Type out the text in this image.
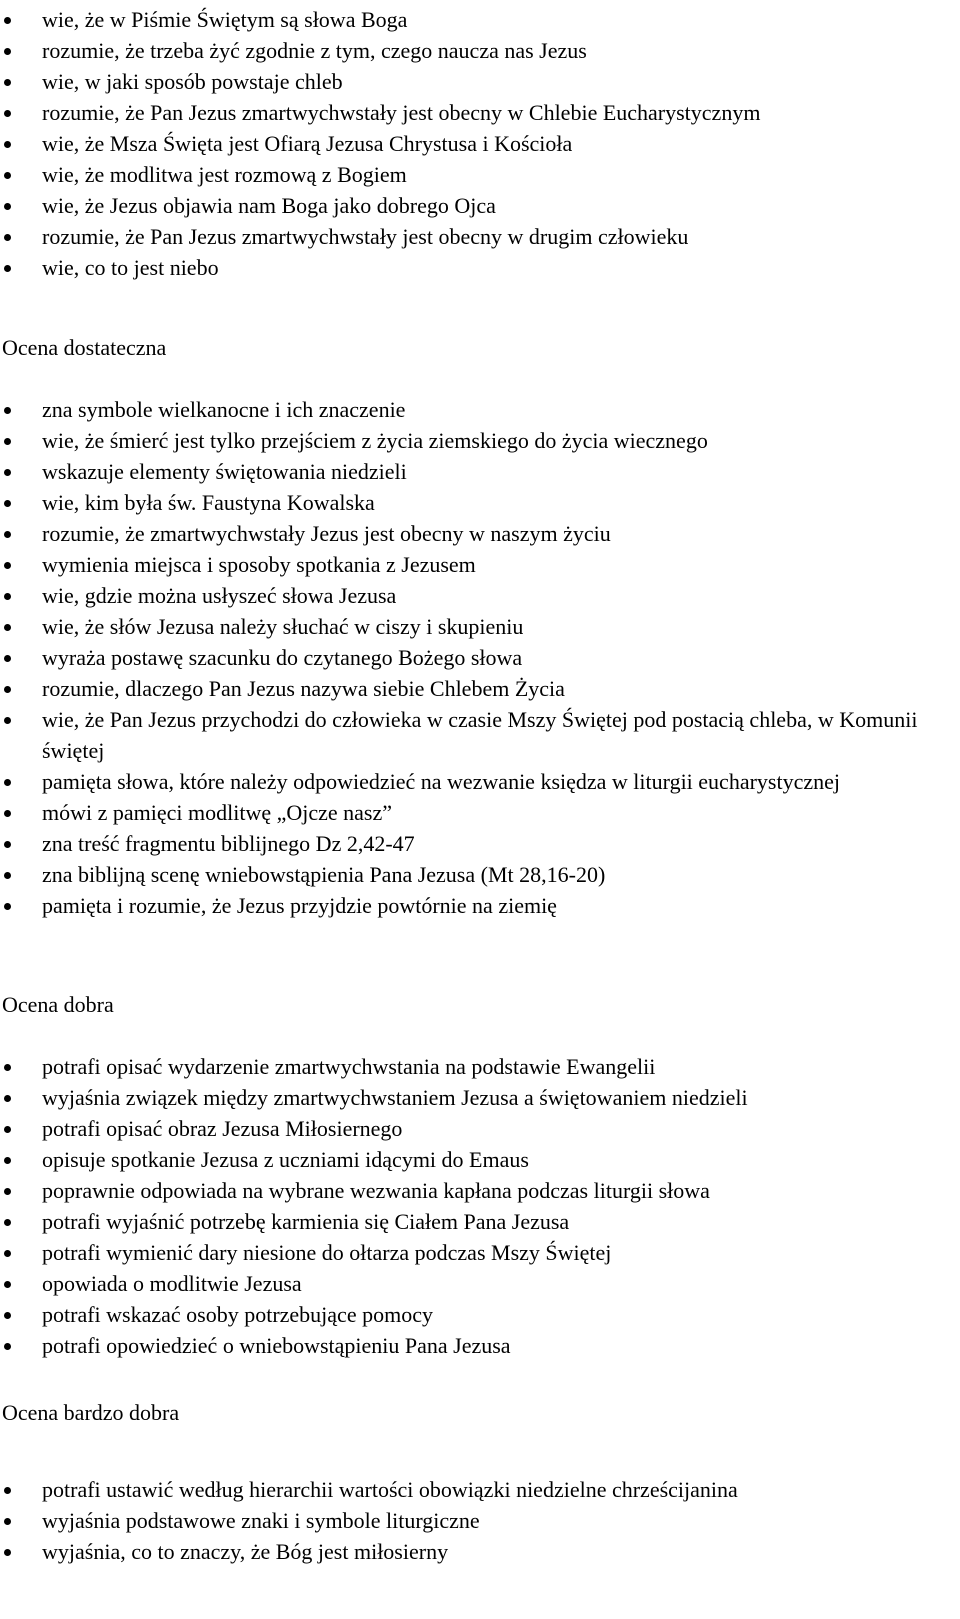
wie, że w Piśmie Świętym są słowa Boga
rozumie, że trzeba żyć zgodnie z tym, czego naucza nas Jezus
wie, w jaki sposób powstaje chleb
rozumie, że Pan Jezus zmartwychwstały jest obecny w Chlebie Eucharystycznym
wie, że Msza Święta jest Ofiarą Jezusa Chrystusa i Kościoła
wie, że modlitwa jest rozmową z Bogiem
wie, że Jezus objawia nam Boga jako dobrego Ojca
rozumie, że Pan Jezus zmartwychwstały jest obecny w drugim człowieku
wie, co to jest niebo
Ocena dostateczna
zna symbole wielkanocne i ich znaczenie
wie, że śmierć jest tylko przejściem z życia ziemskiego do życia wiecznego
wskazuje elementy świętowania niedzieli
wie, kim była św. Faustyna Kowalska
rozumie, że zmartwychwstały Jezus jest obecny w naszym życiu
wymienia miejsca i sposoby spotkania z Jezusem
wie, gdzie można usłyszeć słowa Jezusa
wie, że słów Jezusa należy słuchać w ciszy i skupieniu
wyraża postawę szacunku do czytanego Bożego słowa
rozumie, dlaczego Pan Jezus nazywa siebie Chlebem Życia
wie, że Pan Jezus przychodzi do człowieka w czasie Mszy Świętej pod postacią chleba, w Komunii świętej
pamięta słowa, które należy odpowiedzieć na wezwanie księdza w liturgii eucharystycznej
mówi z pamięci modlitwę „Ojcze nasz”
zna treść fragmentu biblijnego Dz 2,42-47
zna biblijną scenę wniebowstąpienia Pana Jezusa (Mt 28,16-20)
pamięta i rozumie, że Jezus przyjdzie powtórnie na ziemię
Ocena dobra
potrafi opisać wydarzenie zmartwychwstania na podstawie Ewangelii
wyjaśnia związek między zmartwychwstaniem Jezusa a świętowaniem niedzieli
potrafi opisać obraz Jezusa Miłosiernego
opisuje spotkanie Jezusa z uczniami idącymi do Emaus
poprawnie odpowiada na wybrane wezwania kapłana podczas liturgii słowa
potrafi wyjaśnić potrzebę karmienia się Ciałem Pana Jezusa
potrafi wymienić dary niesione do ołtarza podczas Mszy Świętej
opowiada o modlitwie Jezusa
potrafi wskazać osoby potrzebujące pomocy
potrafi opowiedzieć o wniebowstąpieniu Pana Jezusa
Ocena bardzo dobra
potrafi ustawić według hierarchii wartości obowiązki niedzielne chrześcijanina
wyjaśnia podstawowe znaki i symbole liturgiczne
wyjaśnia, co to znaczy, że Bóg jest miłosierny
